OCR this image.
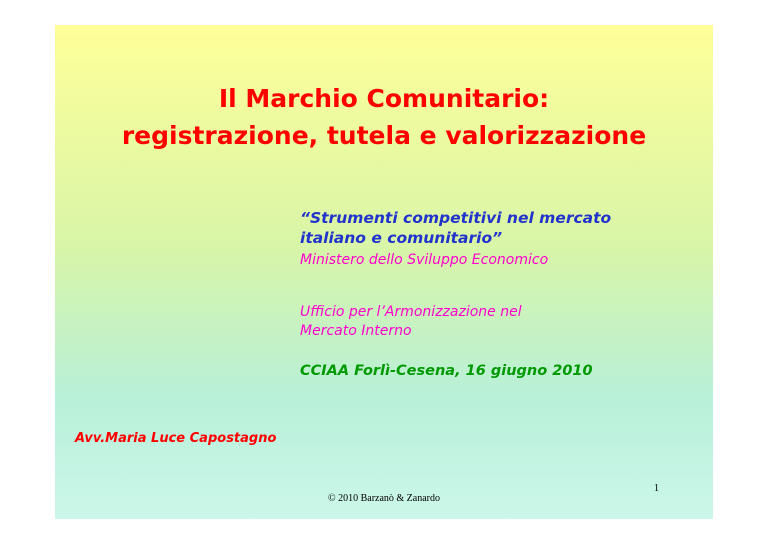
Il Marchio Comunitario:
registrazione, tutela e valorizzazione
“Strumenti competitivi nel mercato
italiano e comunitario”
Ministero dello Sviluppo Economico
Ufficio per l’Armonizzazione nel
Mercato Interno
CCIAA Forlì-Cesena, 16 giugno 2010
Avv.Maria Luce Capostagno
1
© 2010 Barzanò & Zanardo
